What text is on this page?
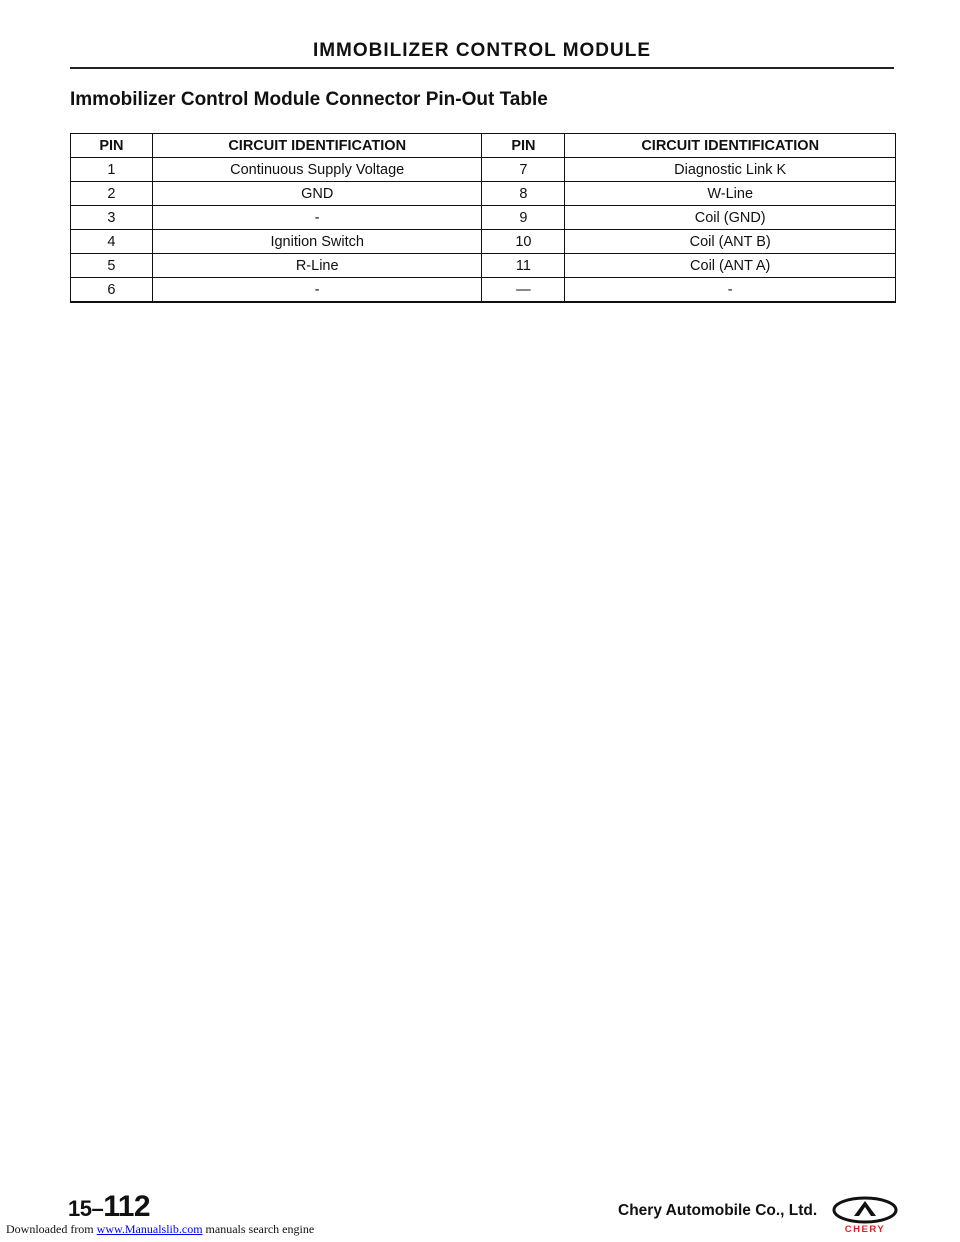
IMMOBILIZER CONTROL MODULE
Immobilizer Control Module Connector Pin-Out Table
PIN	CIRCUIT IDENTIFICATION	PIN	CIRCUIT IDENTIFICATION
1	Continuous Supply Voltage	7	Diagnostic Link K
2	GND	8	W-Line
3	-	9	Coil (GND)
4	Ignition Switch	10	Coil (ANT B)
5	R-Line	11	Coil (ANT A)
6	-	—	-
15–112	Chery Automobile Co., Ltd.
CHERY
Downloaded from www.Manualslib.com manuals search engine
